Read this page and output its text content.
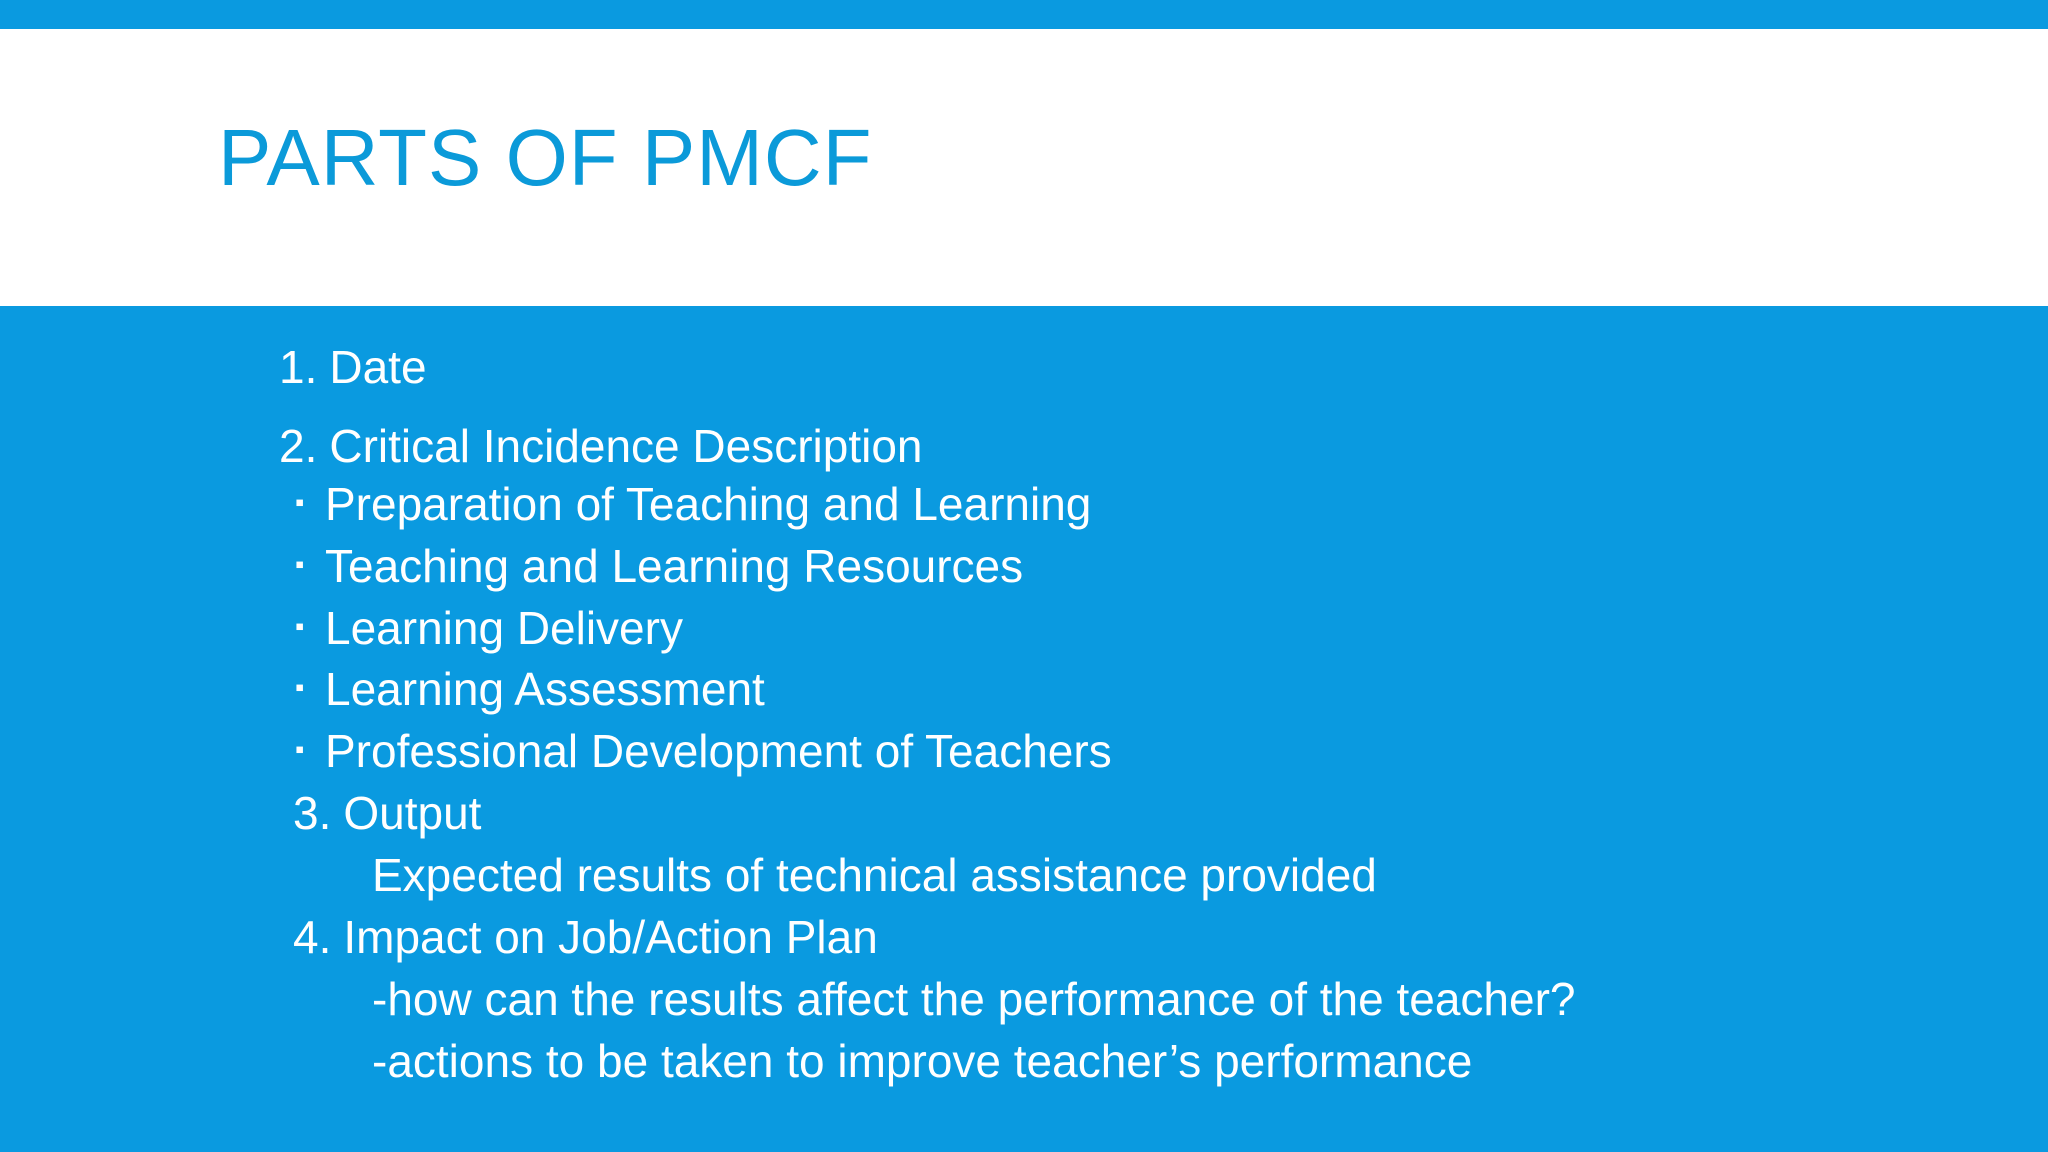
PARTS OF PMCF
1. Date
2. Critical Incidence Description
▪ Preparation of Teaching and Learning
▪ Teaching and Learning Resources
▪ Learning Delivery
▪ Learning Assessment
▪ Professional Development of Teachers
3. Output
Expected results of technical assistance provided
4. Impact on Job/Action Plan
-how can the results affect the performance of the teacher?
-actions to be taken to improve teacher’s performance
